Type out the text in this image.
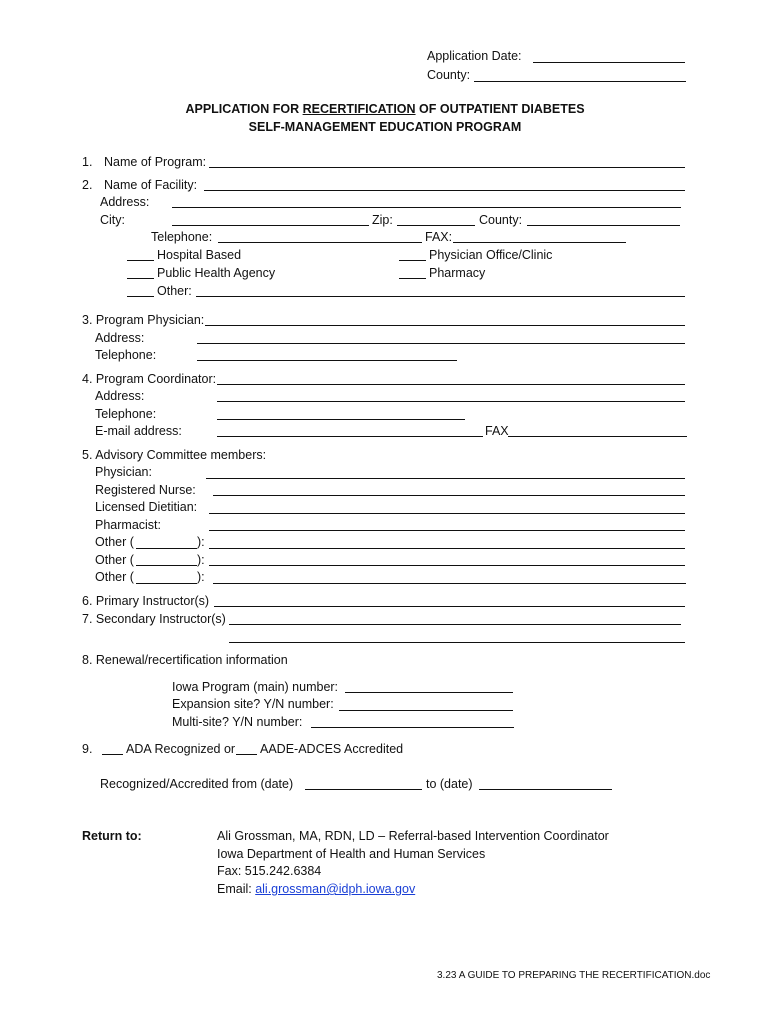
Application Date:
County:
APPLICATION FOR RECERTIFICATION OF OUTPATIENT DIABETES
SELF-MANAGEMENT EDUCATION PROGRAM
1. Name of Program:
2. Name of Facility:
Address:
City:	Zip:	County:
Telephone:	FAX:
Hospital Based	Physician Office/Clinic
Public Health Agency	Pharmacy
Other:
3. Program Physician:
Address:
Telephone:
4. Program Coordinator:
Address:
Telephone:
E-mail address:	FAX
5. Advisory Committee members:
Physician:
Registered Nurse:
Licensed Dietitian:
Pharmacist:
Other (	):
Other (	):
Other (	):
6. Primary Instructor(s)
7. Secondary Instructor(s)
8. Renewal/recertification information
Iowa Program (main) number:
Expansion site? Y/N number:
Multi-site? Y/N number:
9.	ADA Recognized or AADE-ADCES Accredited
Recognized/Accredited from (date)	to (date)
Return to:	Ali Grossman, MA, RDN, LD – Referral-based Intervention Coordinator
Iowa Department of Health and Human Services
Fax: 515.242.6384
Email: ali.grossman@idph.iowa.gov
3.23 A GUIDE TO PREPARING THE RECERTIFICATION.doc
